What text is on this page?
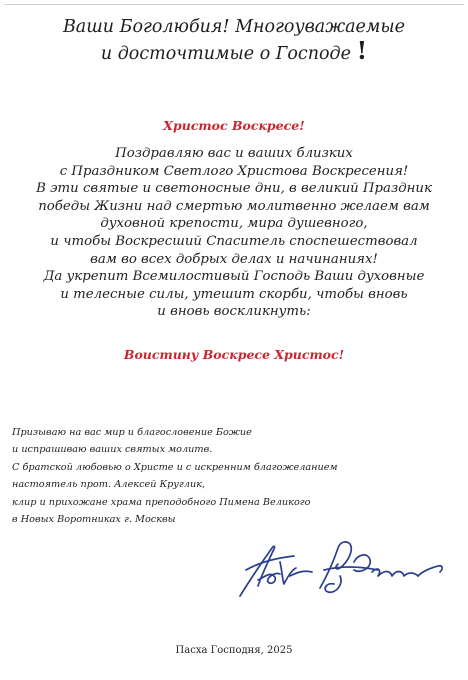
Ваши Боголюбия! Многоуважаемые
и досточтимые о Господе !
Христос Воскресе!
Поздравляю вас и ваших близких
с Праздником Светлого Христова Воскресения!
В эти святые и светоносные дни, в великий Праздник
победы Жизни над смертью молитвенно желаем вам
духовной крепости, мира душевного,
и чтобы Воскресший Спаситель споспешествовал
вам во всех добрых делах и начинаниях!
Да укрепит Всемилостивый Господь Ваши духовные
и телесные силы, утешит скорби, чтобы вновь
и вновь воскликнуть:
Воистину Воскресе Христос!
Призываю на вас мир и благословение Божие
и испрашиваю ваших святых молитв.
С братской любовью о Христе и с искренним благожеланием
настоятель прот. Алексей Круглик,
клир и прихожане храма преподобного Пимена Великого
в Новых Воротниках г. Москвы
Пасха Господня, 2025
